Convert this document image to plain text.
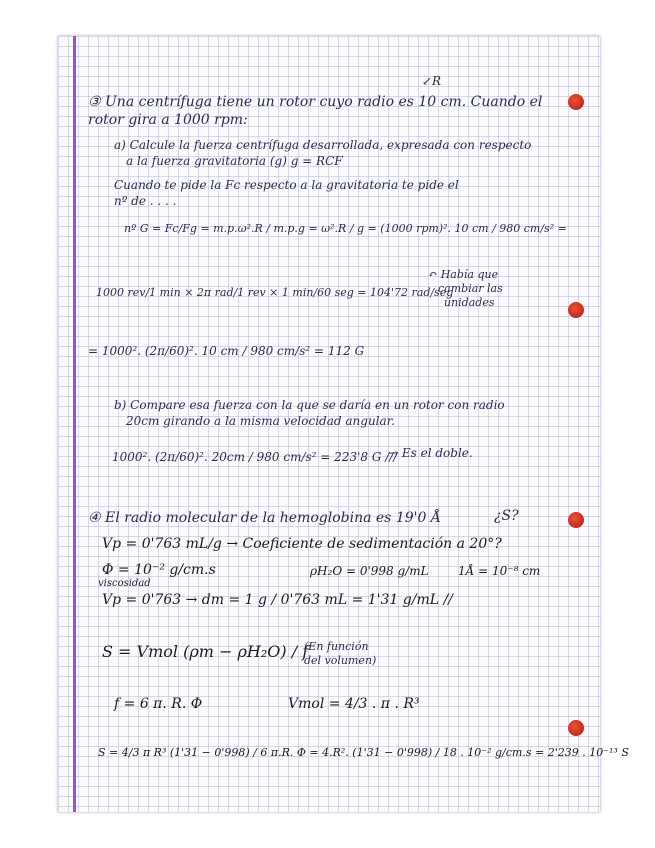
↙R
③ Una centrífuga tiene un rotor cuyo radio es 10 cm. Cuando el
rotor gira a 1000 rpm:
a) Calcule la fuerza centrífuga desarrollada, expresada con respecto
a la fuerza gravitatoria (g) g = RCF
Cuando te pide la Fc respecto a la gravitatoria te pide el
nº de . . . .
nº G = Fc/Fg = m.p.ω².R / m.p.g = ω².R / g = (1000 rpm)². 10 cm / 980 cm/s² =
1000 rev/1 min × 2π rad/1 rev × 1 min/60 seg = 104'72 rad/seg
↶ Había que
cambiar las
unidades
= 1000². (2π/60)². 10 cm / 980 cm/s² = 112 G
b) Compare esa fuerza con la que se daría en un rotor con radio
20cm girando a la misma velocidad angular.
1000². (2π/60)². 20cm / 980 cm/s² = 223'8 G ///
→ Es el doble.
④ El radio molecular de la hemoglobina es 19'0 Å	¿S?
Vp = 0'763 mL/g → Coeficiente de sedimentación a 20°?
Φ = 10⁻² g/cm.s	ρH₂O = 0'998 g/mL 1Å = 10⁻⁸ cm
viscosidad
Vp = 0'763 → dm = 1 g / 0'763 mL = 1'31 g/mL //
S = Vmol (ρm − ρH₂O) / f
(En función
del volumen)
f = 6 π. R. Φ	Vmol = 4/3 . π . R³
S = 4/3 π R³ (1'31 − 0'998) / 6 π.R. Φ = 4.R². (1'31 − 0'998) / 18 . 10⁻² g/cm.s = 2'239 . 10⁻¹³ S
